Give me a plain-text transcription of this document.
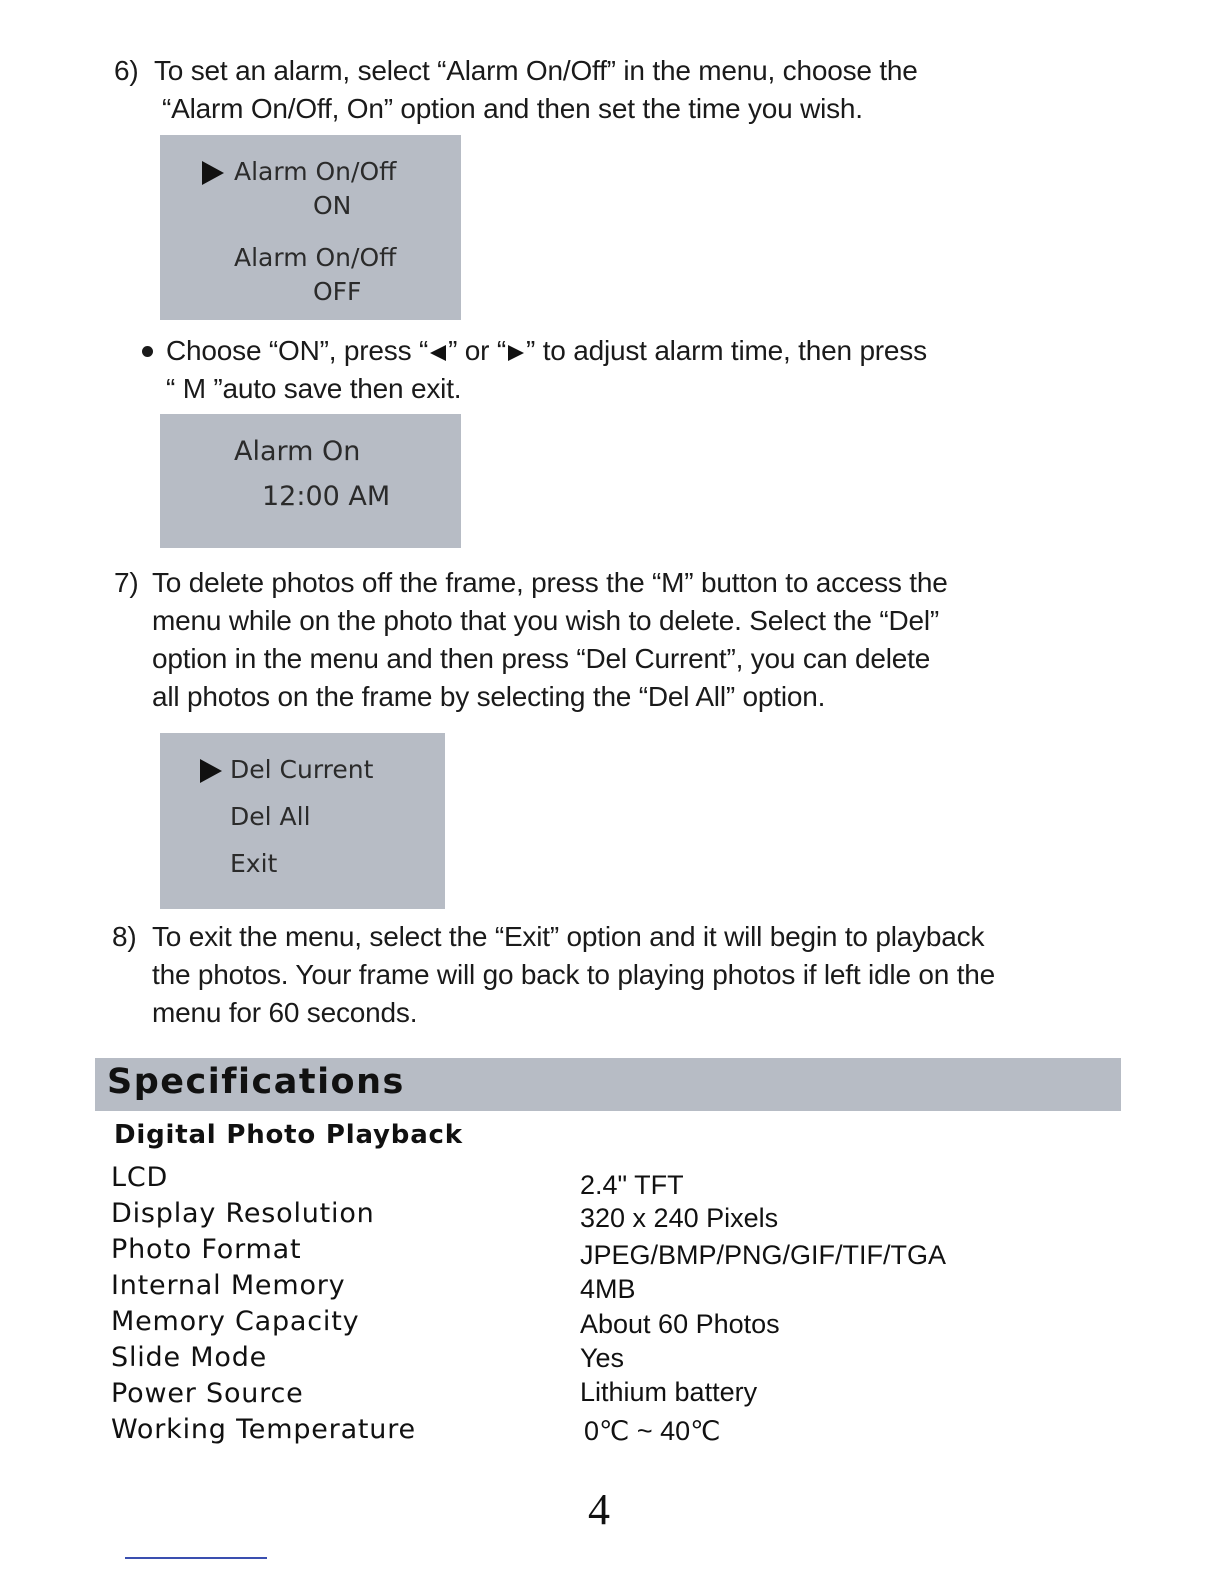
6) To set an alarm, select “Alarm On/Off” in the menu, choose the
“Alarm On/Off, On” option and then set the time you wish.
Alarm On/Off
ON
Alarm On/Off
OFF
Choose “ON”, press “ ” or “ ” to adjust alarm time, then press
“ M ”auto save then exit.
Alarm On
12:00 AM
7) To delete photos off the frame, press the “M” button to access the
menu while on the photo that you wish to delete. Select the “Del”
option in the menu and then press “Del Current”, you can delete
all photos on the frame by selecting the “Del All” option.
Del Current
Del All
Exit
8) To exit the menu, select the “Exit” option and it will begin to playback
the photos. Your frame will go back to playing photos if left idle on the
menu for 60 seconds.
Specifications
Digital Photo Playback
LCD	2.4" TFT
Display Resolution	320 x 240 Pixels
Photo Format	JPEG/BMP/PNG/GIF/TIF/TGA
Internal Memory	4MB
Memory Capacity	About 60 Photos
Slide Mode	Yes
Power Source	Lithium battery
Working Temperature	0℃ ~ 40℃
4
